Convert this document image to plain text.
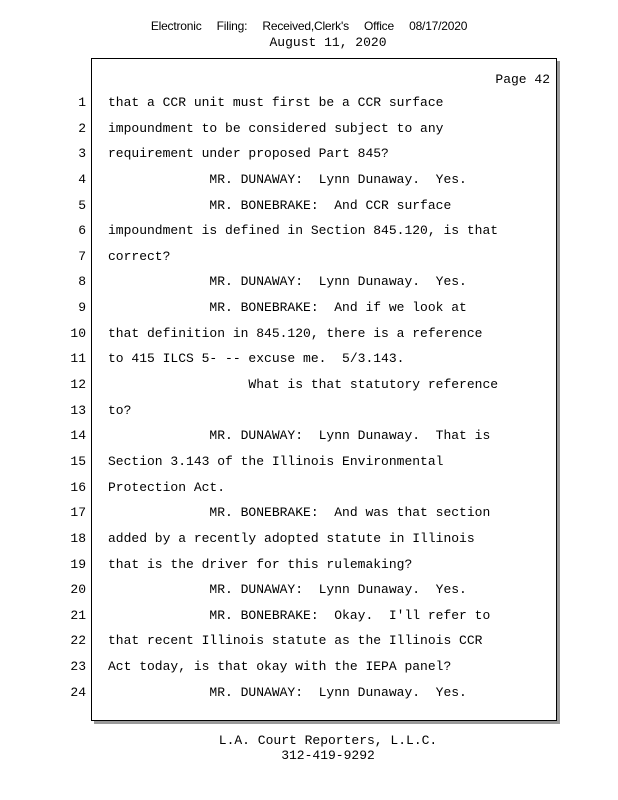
Electronic Filing: Received,Clerk's Office 08/17/2020
August 11, 2020
Page 42
1
2
3
4
5
6
7
8
9
10
11
12
13
14
15
16
17
18
19
20
21
22
23
24
that a CCR unit must first be a CCR surface
impoundment to be considered subject to any
requirement under proposed Part 845?
MR. DUNAWAY:  Lynn Dunaway.  Yes.
MR. BONEBRAKE:  And CCR surface
impoundment is defined in Section 845.120, is that
correct?
MR. DUNAWAY:  Lynn Dunaway.  Yes.
MR. BONEBRAKE:  And if we look at
that definition in 845.120, there is a reference
to 415 ILCS 5- -- excuse me.  5/3.143.
What is that statutory reference
to?
MR. DUNAWAY:  Lynn Dunaway.  That is
Section 3.143 of the Illinois Environmental
Protection Act.
MR. BONEBRAKE:  And was that section
added by a recently adopted statute in Illinois
that is the driver for this rulemaking?
MR. DUNAWAY:  Lynn Dunaway.  Yes.
MR. BONEBRAKE:  Okay.  I'll refer to
that recent Illinois statute as the Illinois CCR
Act today, is that okay with the IEPA panel?
MR. DUNAWAY:  Lynn Dunaway.  Yes.
L.A. Court Reporters, L.L.C.
312-419-9292
